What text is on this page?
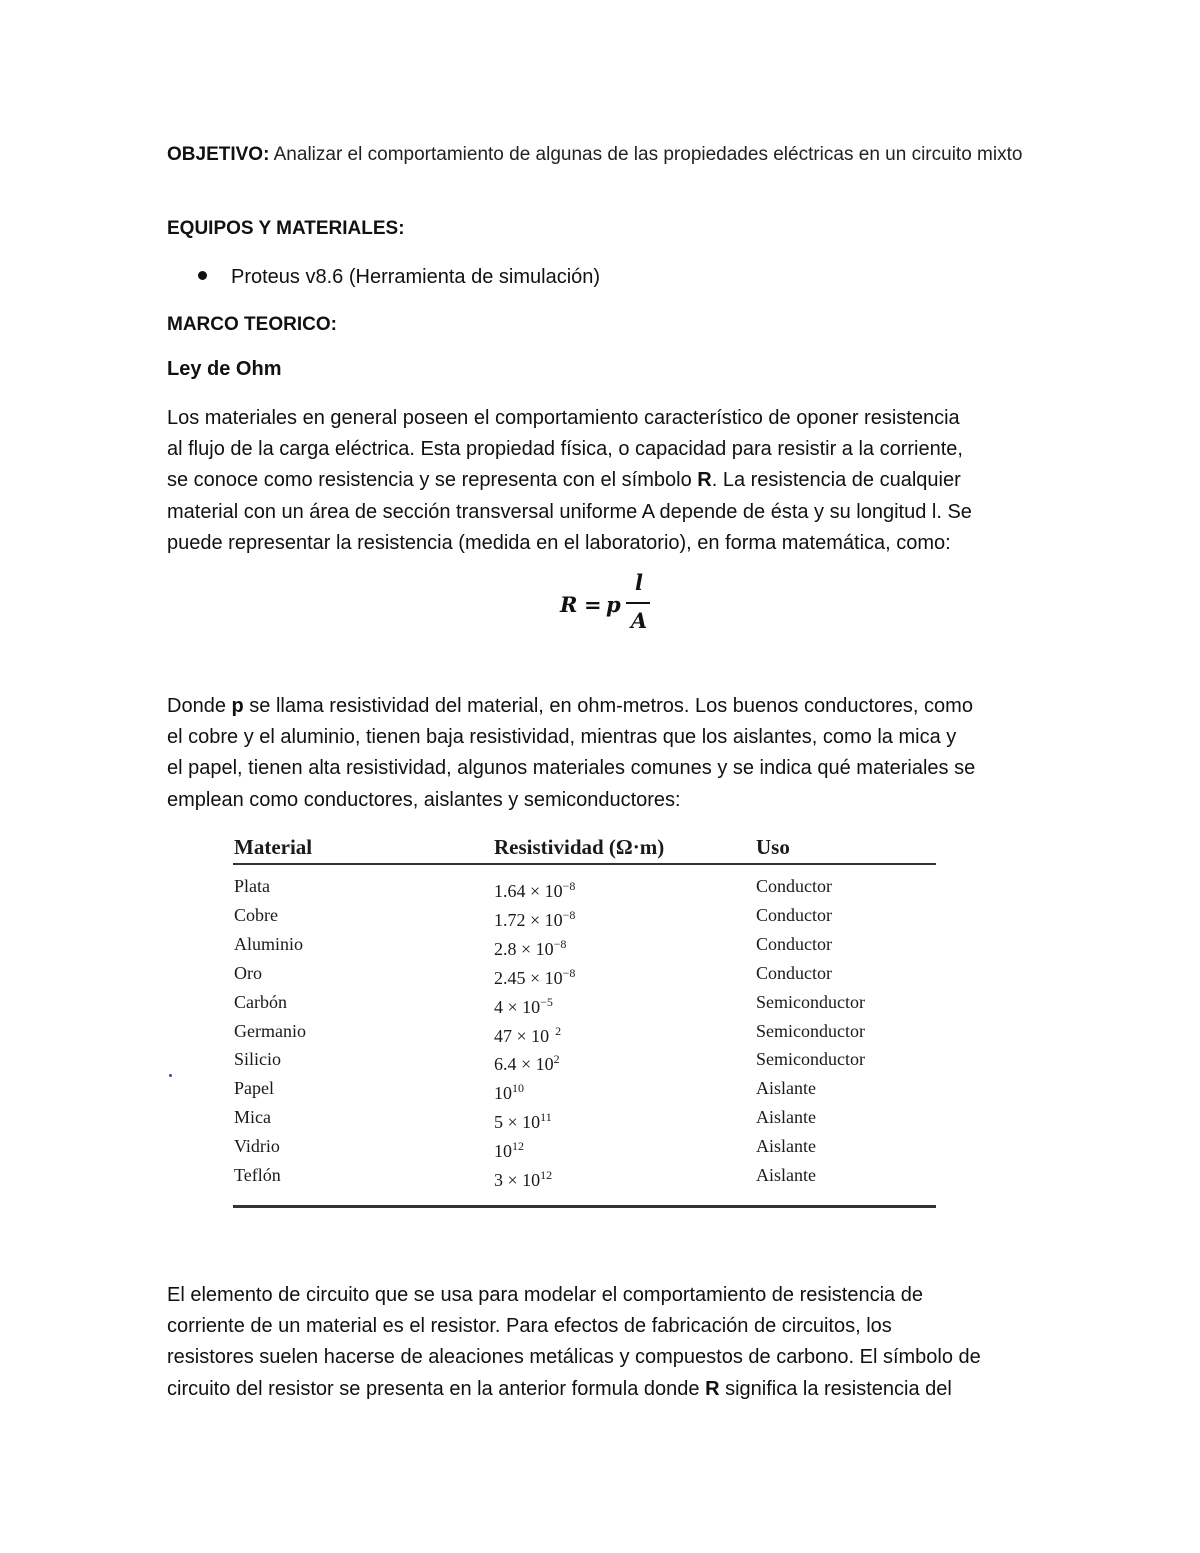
OBJETIVO: Analizar el comportamiento de algunas de las propiedades eléctricas en un circuito mixto
EQUIPOS Y MATERIALES:
Proteus v8.6 (Herramienta de simulación)
MARCO TEORICO:
Ley de Ohm

Los materiales en general poseen el comportamiento característico de oponer resistencia

al flujo de la carga eléctrica. Esta propiedad física, o capacidad para resistir a la corriente,

se conoce como resistencia y se representa con el símbolo R. La resistencia de cualquier

material con un área de sección transversal uniforme A depende de ésta y su longitud l. Se

puede representar la resistencia (medida en el laboratorio), en forma matemática, como:

R = p
l
A

Donde p se llama resistividad del material, en ohm-metros. Los buenos conductores, como

el cobre y el aluminio, tienen baja resistividad, mientras que los aislantes, como la mica y

el papel, tienen alta resistividad, algunos materiales comunes y se indica qué materiales se

emplean como conductores, aislantes y semiconductores:

Material	Resistividad (Ω·m)	Uso
Plata	$1.64 \times 10^{-8}$	Conductor
Cobre	$1.72 \times 10^{-8}$	Conductor
Aluminio	$2.8 \times 10^{-8}$	Conductor
Oro	$2.45 \times 10^{-8}$	Conductor
Carbón	$4 \times 10^{-5}$	Semiconductor
Germanio	47 × 10  $^2$	Semiconductor
Silicio	$6.4 \times 10^2$	Semiconductor
Papel	$10^{10}$	Aislante
Mica	$5 \times 10^{11}$	Aislante
Vidrio	$10^{12}$	Aislante
Teflón	$3 \times 10^{12}$	Aislante

El elemento de circuito que se usa para modelar el comportamiento de resistencia de

corriente de un material es el resistor. Para efectos de fabricación de circuitos, los

resistores suelen hacerse de aleaciones metálicas y compuestos de carbono. El símbolo de

circuito del resistor se presenta en la anterior formula donde R significa la resistencia del
